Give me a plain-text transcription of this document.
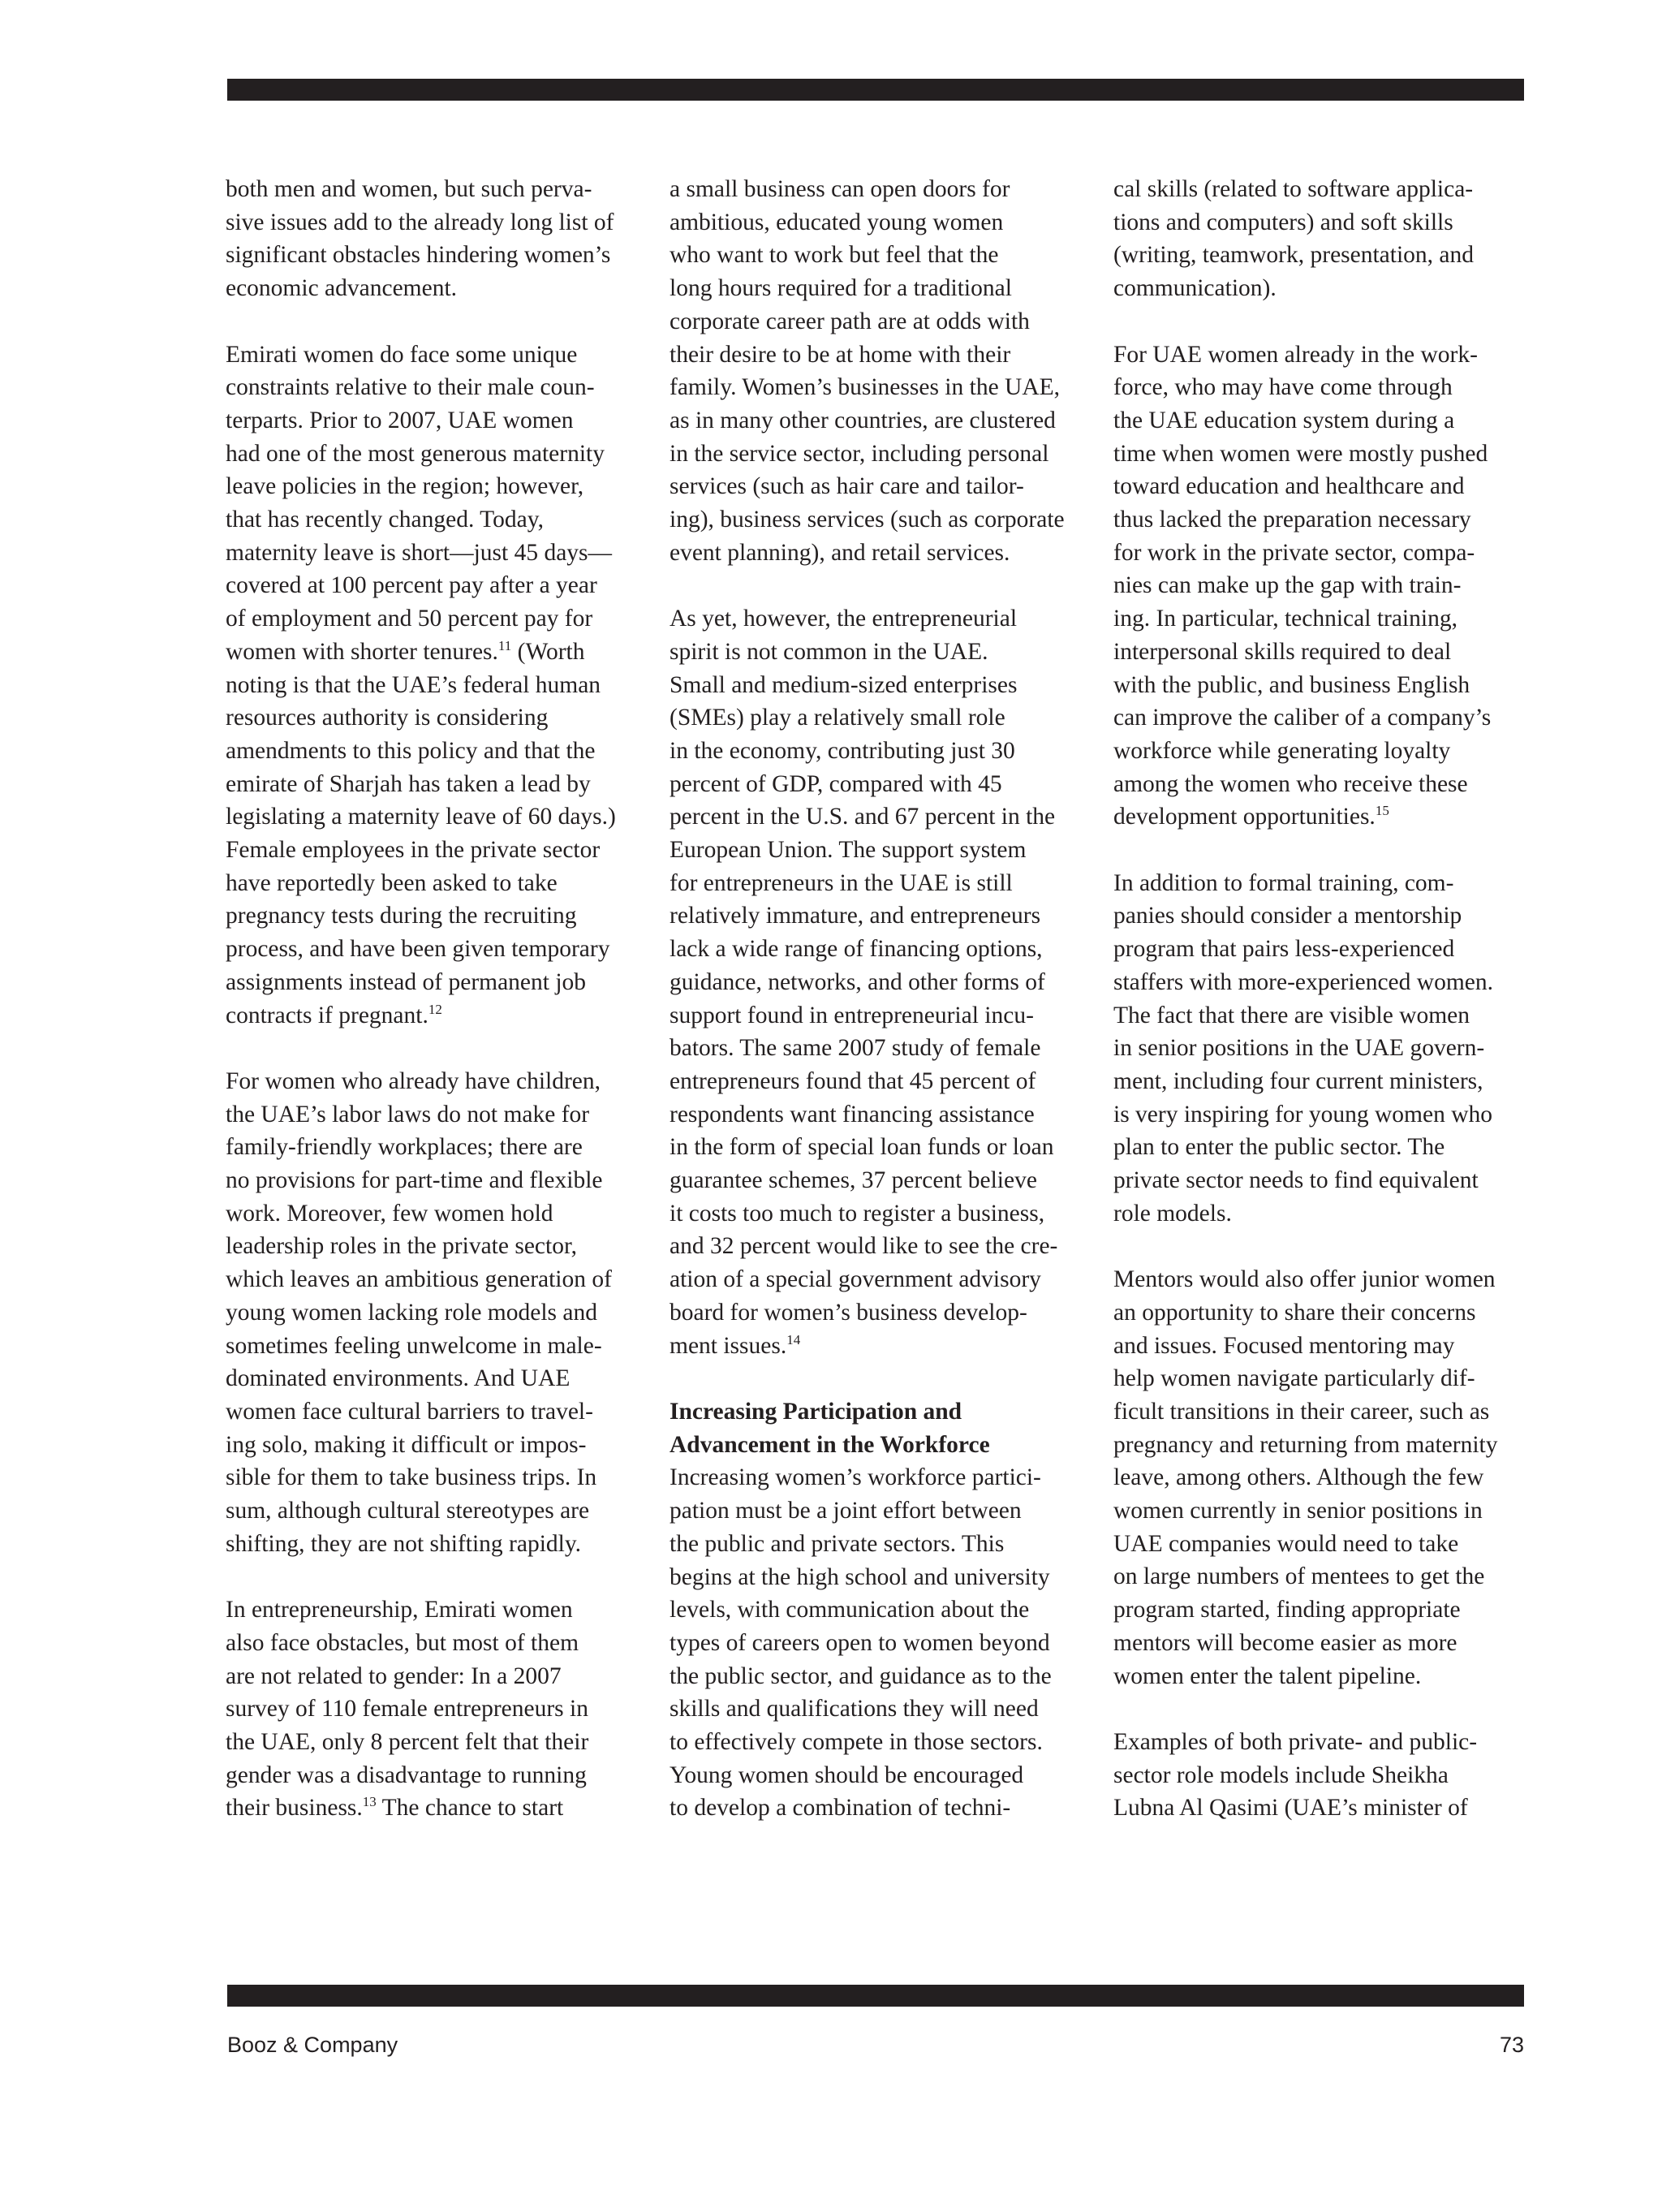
both men and women, but such perva-
sive issues add to the already long list of
significant obstacles hindering women’s
economic advancement.

Emirati women do face some unique
constraints relative to their male coun-
terparts. Prior to 2007, UAE women
had one of the most generous maternity
leave policies in the region; however,
that has recently changed. Today,
maternity leave is short—just 45 days—
covered at 100 percent pay after a year
of employment and 50 percent pay for
women with shorter tenures.$^{11}$ (Worth
noting is that the UAE’s federal human
resources authority is considering
amendments to this policy and that the
emirate of Sharjah has taken a lead by
legislating a maternity leave of 60 days.)
Female employees in the private sector
have reportedly been asked to take
pregnancy tests during the recruiting
process, and have been given temporary
assignments instead of permanent job
contracts if pregnant.$^{12}$

For women who already have children,
the UAE’s labor laws do not make for
family-friendly workplaces; there are
no provisions for part-time and flexible
work. Moreover, few women hold
leadership roles in the private sector,
which leaves an ambitious generation of
young women lacking role models and
sometimes feeling unwelcome in male-
dominated environments. And UAE
women face cultural barriers to travel-
ing solo, making it difficult or impos-
sible for them to take business trips. In
sum, although cultural stereotypes are
shifting, they are not shifting rapidly.

In entrepreneurship, Emirati women
also face obstacles, but most of them
are not related to gender: In a 2007
survey of 110 female entrepreneurs in
the UAE, only 8 percent felt that their
gender was a disadvantage to running
their business.$^{13}$ The chance to start

a small business can open doors for
ambitious, educated young women
who want to work but feel that the
long hours required for a traditional
corporate career path are at odds with
their desire to be at home with their
family. Women’s businesses in the UAE,
as in many other countries, are clustered
in the service sector, including personal
services (such as hair care and tailor-
ing), business services (such as corporate
event planning), and retail services.

As yet, however, the entrepreneurial
spirit is not common in the UAE.
Small and medium-sized enterprises
(SMEs) play a relatively small role
in the economy, contributing just 30
percent of GDP, compared with 45
percent in the U.S. and 67 percent in the
European Union. The support system
for entrepreneurs in the UAE is still
relatively immature, and entrepreneurs
lack a wide range of financing options,
guidance, networks, and other forms of
support found in entrepreneurial incu-
bators. The same 2007 study of female
entrepreneurs found that 45 percent of
respondents want financing assistance
in the form of special loan funds or loan
guarantee schemes, 37 percent believe
it costs too much to register a business,
and 32 percent would like to see the cre-
ation of a special government advisory
board for women’s business develop-
ment issues.$^{14}$

Increasing Participation and
Advancement in the Workforce

Increasing women’s workforce partici-
pation must be a joint effort between
the public and private sectors. This
begins at the high school and university
levels, with communication about the
types of careers open to women beyond
the public sector, and guidance as to the
skills and qualifications they will need
to effectively compete in those sectors.
Young women should be encouraged
to develop a combination of techni-

cal skills (related to software applica-
tions and computers) and soft skills
(writing, teamwork, presentation, and
communication).

For UAE women already in the work-
force, who may have come through
the UAE education system during a
time when women were mostly pushed
toward education and healthcare and
thus lacked the preparation necessary
for work in the private sector, compa-
nies can make up the gap with train-
ing. In particular, technical training,
interpersonal skills required to deal
with the public, and business English
can improve the caliber of a company’s
workforce while generating loyalty
among the women who receive these
development opportunities.$^{15}$

In addition to formal training, com-
panies should consider a mentorship
program that pairs less-experienced
staffers with more-experienced women.
The fact that there are visible women
in senior positions in the UAE govern-
ment, including four current ministers,
is very inspiring for young women who
plan to enter the public sector. The
private sector needs to find equivalent
role models.

Mentors would also offer junior women
an opportunity to share their concerns
and issues. Focused mentoring may
help women navigate particularly dif-
ficult transitions in their career, such as
pregnancy and returning from maternity
leave, among others. Although the few
women currently in senior positions in
UAE companies would need to take
on large numbers of mentees to get the
program started, finding appropriate
mentors will become easier as more
women enter the talent pipeline.

Examples of both private- and public-
sector role models include Sheikha
Lubna Al Qasimi (UAE’s minister of

Booz & Company	73
